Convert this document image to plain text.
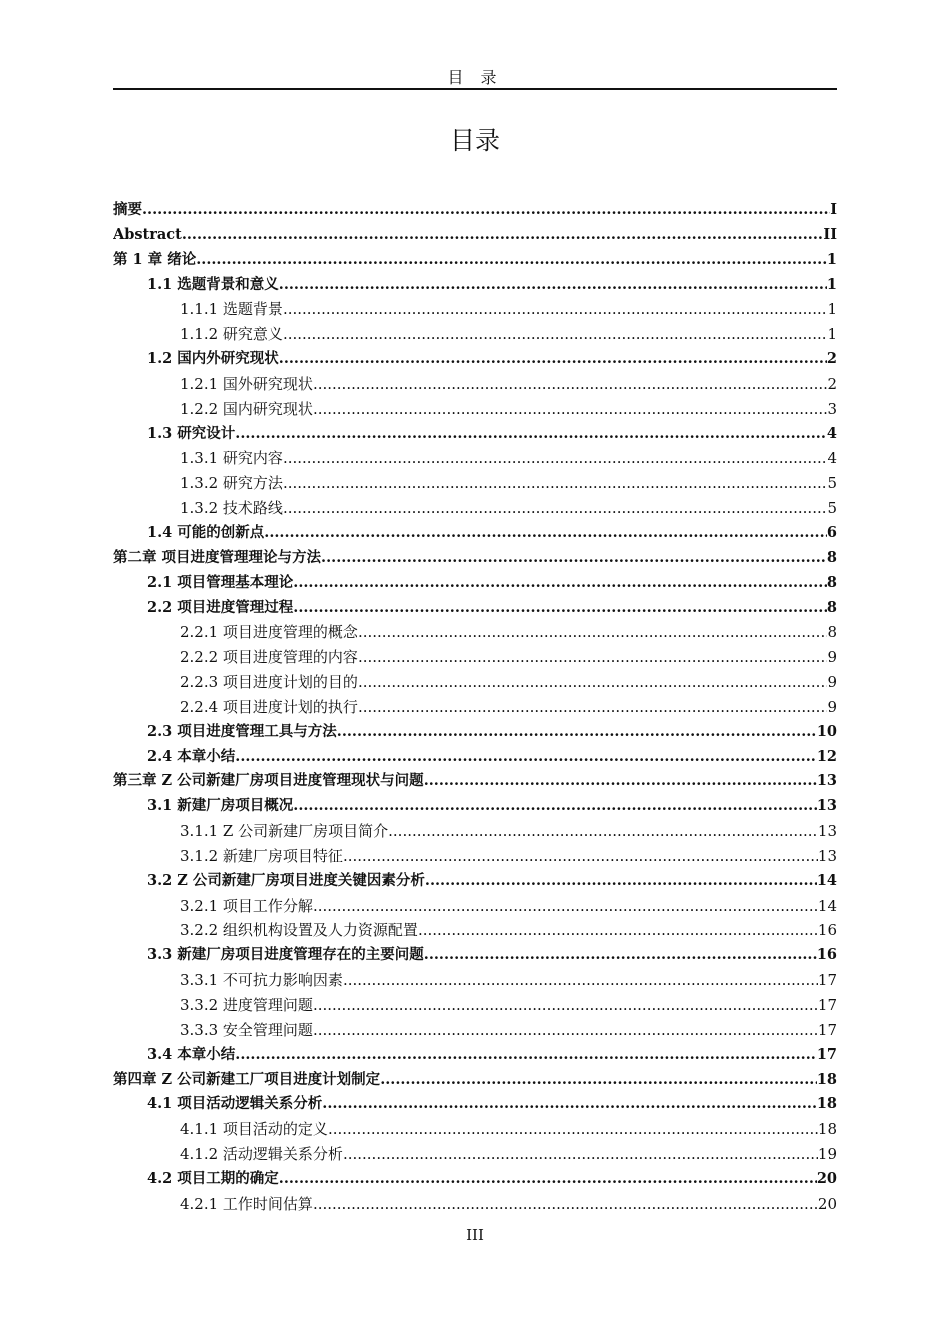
目 录
目录
摘要 .....	I
Abstract .....	II
第 1 章 绪论 .....	1
1.1 选题背景和意义 .....	1
1.1.1 选题背景 .....	1
1.1.2 研究意义 .....	1
1.2 国内外研究现状 .....	2
1.2.1 国外研究现状 .....	2
1.2.2 国内研究现状 .....	3
1.3 研究设计 .....	4
1.3.1 研究内容 .....	4
1.3.2 研究方法 .....	5
1.3.2 技术路线 .....	5
1.4 可能的创新点 .....	6
第二章 项目进度管理理论与方法 .....	8
2.1 项目管理基本理论 .....	8
2.2 项目进度管理过程 .....	8
2.2.1 项目进度管理的概念 .....	8
2.2.2 项目进度管理的内容 .....	9
2.2.3 项目进度计划的目的 .....	9
2.2.4 项目进度计划的执行 .....	9
2.3 项目进度管理工具与方法 .....	10
2.4 本章小结 .....	12
第三章 Z 公司新建厂房项目进度管理现状与问题 .....	13
3.1 新建厂房项目概况 .....	13
3.1.1 Z 公司新建厂房项目简介 .....	13
3.1.2 新建厂房项目特征 .....	13
3.2 Z 公司新建厂房项目进度关键因素分析 .....	14
3.2.1 项目工作分解 .....	14
3.2.2 组织机构设置及人力资源配置 .....	16
3.3 新建厂房项目进度管理存在的主要问题 .....	16
3.3.1 不可抗力影响因素 .....	17
3.3.2 进度管理问题 .....	17
3.3.3 安全管理问题 .....	17
3.4 本章小结 .....	17
第四章 Z 公司新建工厂项目进度计划制定 .....	18
4.1 项目活动逻辑关系分析 .....	18
4.1.1 项目活动的定义 .....	18
4.1.2 活动逻辑关系分析 .....	19
4.2 项目工期的确定 .....	20
4.2.1 工作时间估算 .....	20
III
